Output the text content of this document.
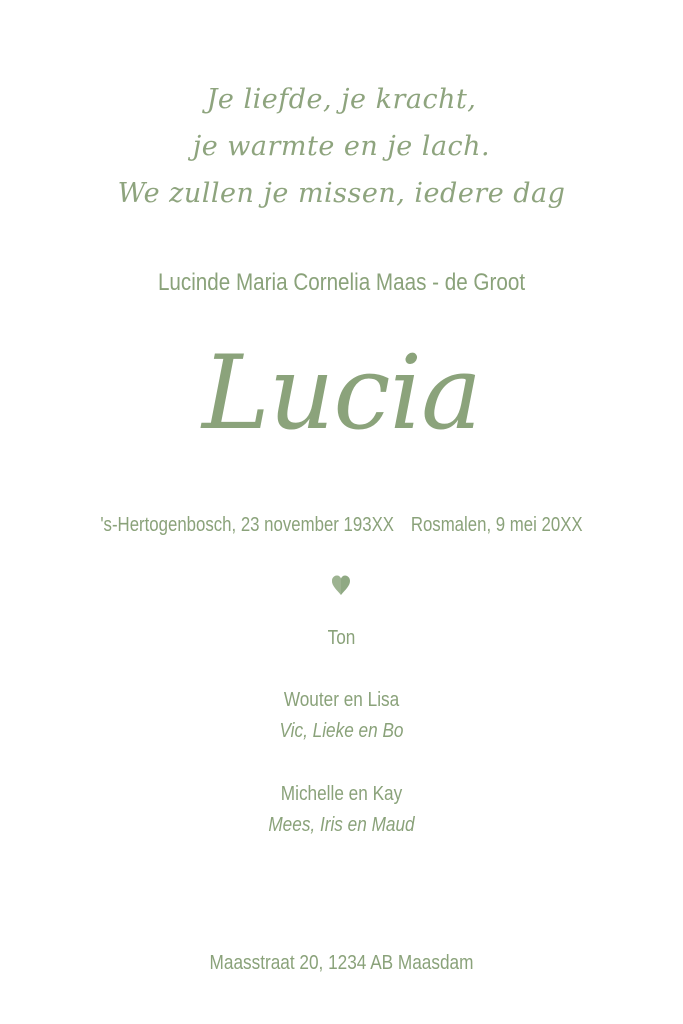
Je liefde, je kracht,
je warmte en je lach.
We zullen je missen, iedere dag
Lucinde Maria Cornelia Maas - de Groot
Lucia
's-Hertogenbosch, 23 november 193XX Rosmalen, 9 mei 20XX
Ton
Wouter en Lisa
Vic, Lieke en Bo
Michelle en Kay
Mees, Iris en Maud
Maasstraat 20, 1234 AB Maasdam
